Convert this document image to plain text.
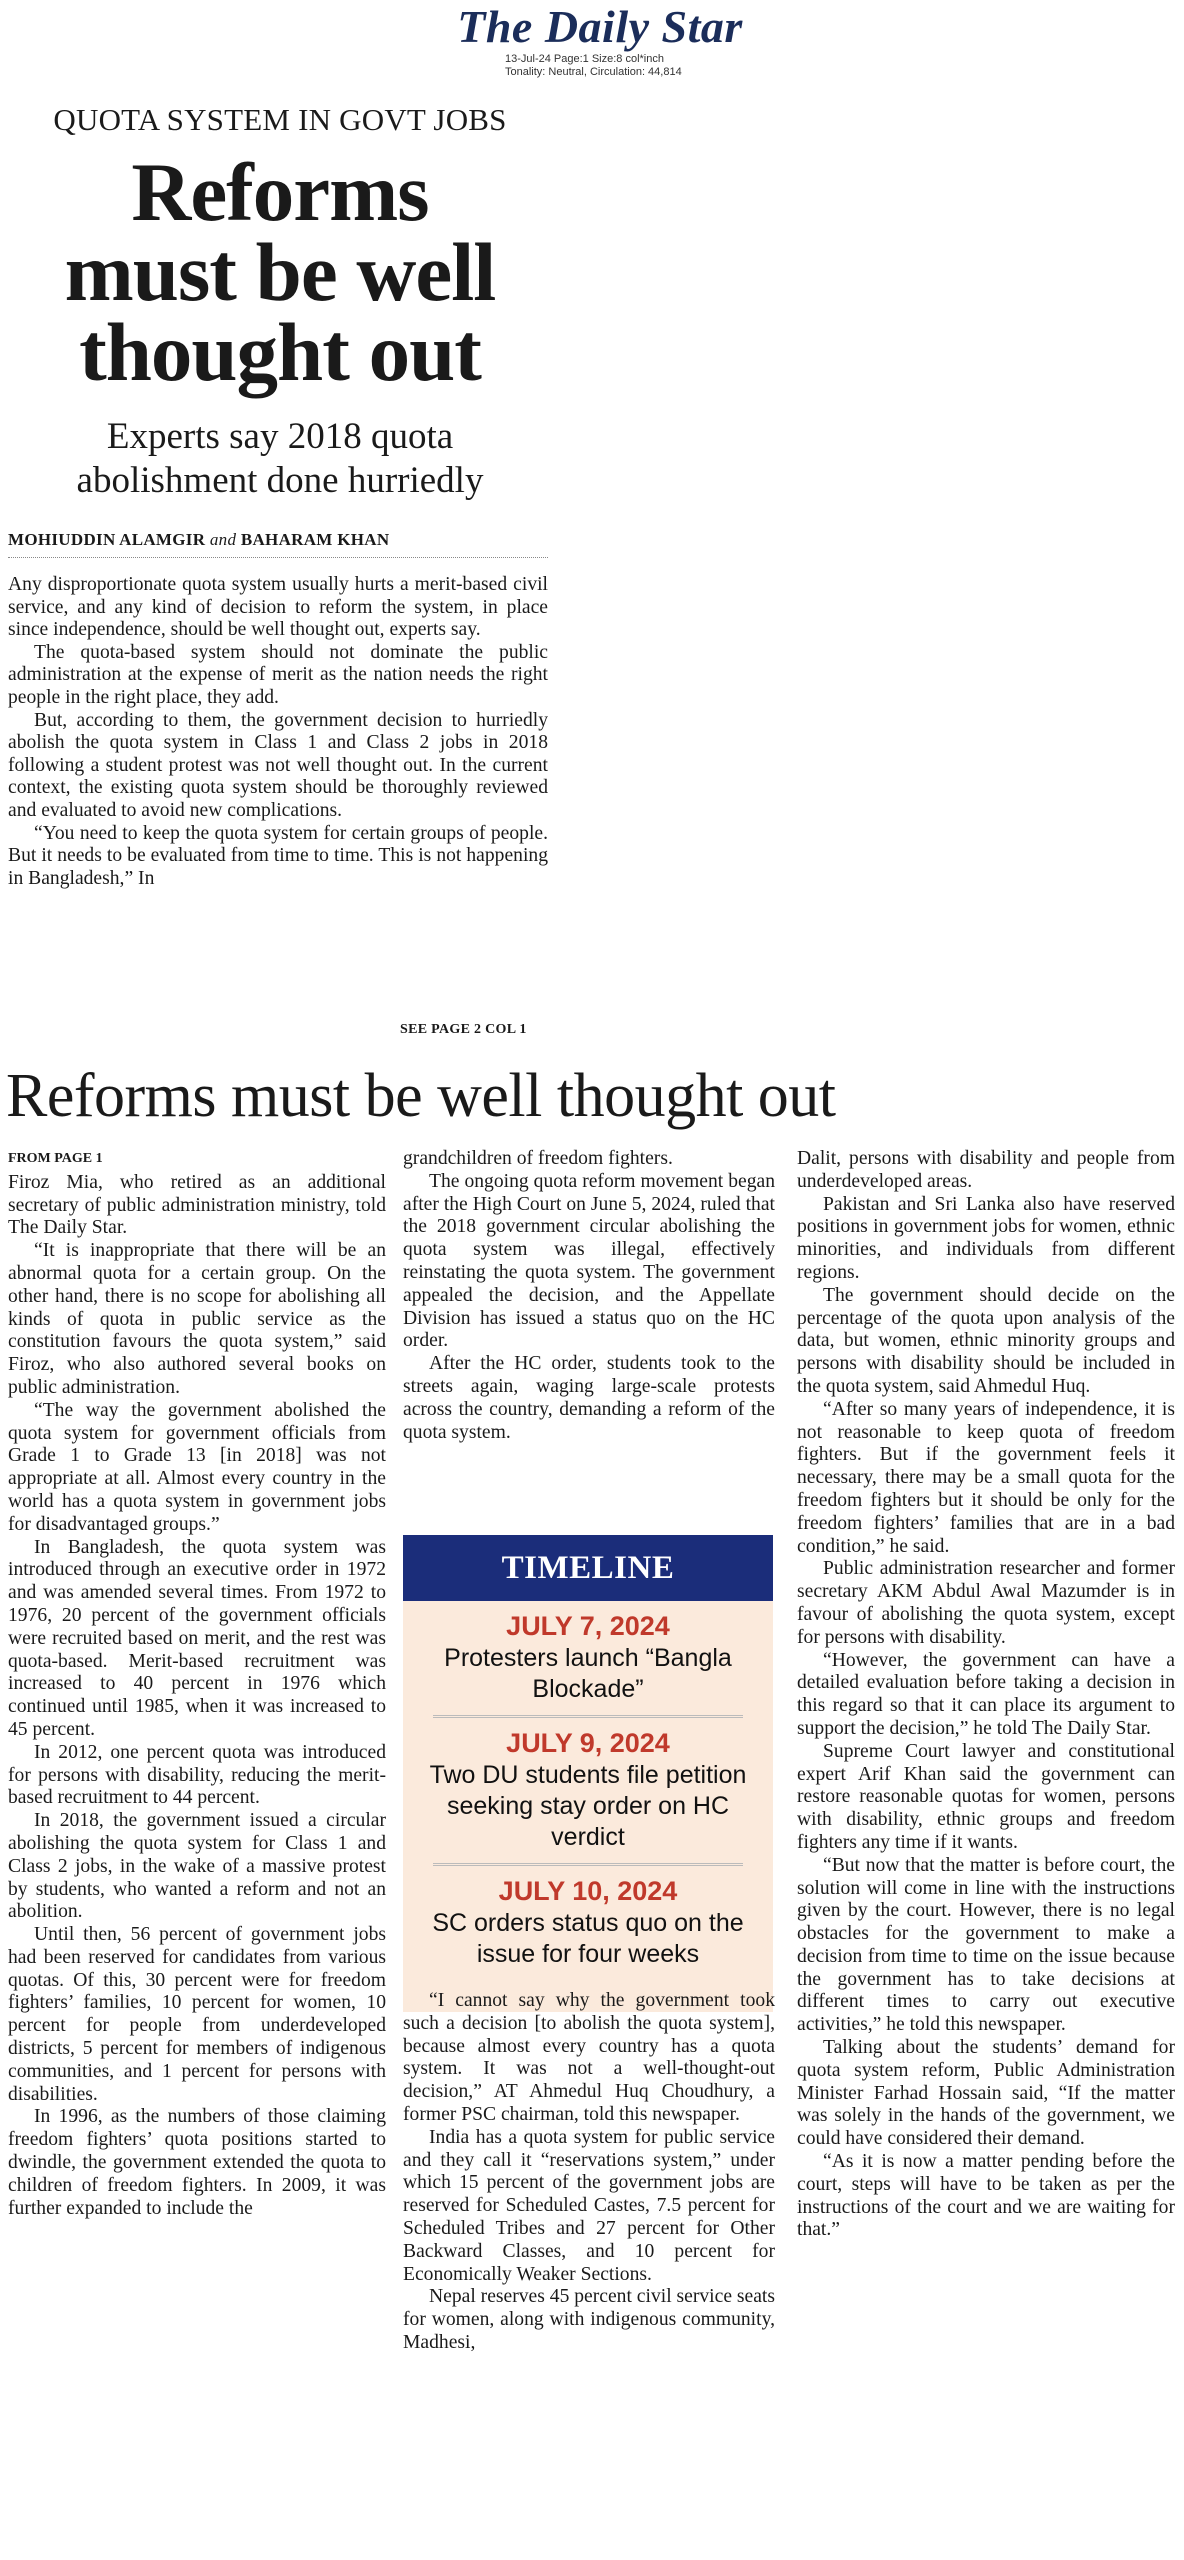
The Daily Star
13-Jul-24 Page:1 Size:8 col*inch
Tonality: Neutral, Circulation: 44,814
QUOTA SYSTEM IN GOVT JOBS
Reforms
must be well
thought out
Experts say 2018 quota
abolishment done hurriedly
MOHIUDDIN ALAMGIR and BAHARAM KHAN

Any disproportionate quota system usually hurts a merit-based civil service, and any kind of decision to reform the system, in place since independence, should be well thought out, experts say.

The quota-based system should not dominate the public administration at the expense of merit as the nation needs the right people in the right place, they add.

But, according to them, the government decision to hurriedly abolish the quota system in Class 1 and Class 2 jobs in 2018 following a student protest was not well thought out. In the current context, the existing quota system should be thoroughly reviewed and evaluated to avoid new complications.

“You need to keep the quota system for certain groups of people. But it needs to be evaluated from time to time. This is not happening in Bangladesh,” In

SEE PAGE 2 COL 1
Reforms must be well thought out
FROM PAGE 1

Firoz Mia, who retired as an additional secretary of public administration ministry, told The Daily Star.

“It is inappropriate that there will be an abnormal quota for a certain group. On the other hand, there is no scope for abolishing all kinds of quota in public service as the constitution favours the quota system,” said Firoz, who also authored several books on public administration.

“The way the government abolished the quota system for government officials from Grade 1 to Grade 13 [in 2018] was not appropriate at all. Almost every country in the world has a quota system in government jobs for disadvantaged groups.”

In Bangladesh, the quota system was introduced through an executive order in 1972 and was amended several times. From 1972 to 1976, 20 percent of the government officials were recruited based on merit, and the rest was quota-based. Merit-based recruitment was increased to 40 percent in 1976 which continued until 1985, when it was increased to 45 percent.

In 2012, one percent quota was introduced for persons with disability, reducing the merit-based recruitment to 44 percent.

In 2018, the government issued a circular abolishing the quota system for Class 1 and Class 2 jobs, in the wake of a massive protest by students, who wanted a reform and not an abolition.

Until then, 56 percent of government jobs had been reserved for candidates from various quotas. Of this, 30 percent were for freedom fighters’ families, 10 percent for women, 10 percent for people from underdeveloped districts, 5 percent for members of indigenous communities, and 1 percent for persons with disabilities.

In 1996, as the numbers of those claiming freedom fighters’ quota positions started to dwindle, the government extended the quota to children of freedom fighters. In 2009, it was further expanded to include the

grandchildren of freedom fighters.

The ongoing quota reform movement began after the High Court on June 5, 2024, ruled that the 2018 government circular abolishing the quota system was illegal, effectively reinstating the quota system. The government appealed the decision, and the Appellate Division has issued a status quo on the HC order.

After the HC order, students took to the streets again, waging large-scale protests across the country, demanding a reform of the quota system.

TIMELINE
JULY 7, 2024
Protesters launch “Bangla Blockade”
JULY 9, 2024
Two DU students file petition seeking stay order on HC verdict
JULY 10, 2024
SC orders status quo on the issue for four weeks

“I cannot say why the government took such a decision [to abolish the quota system], because almost every country has a quota system. It was not a well-thought-out decision,” AT Ahmedul Huq Choudhury, a former PSC chairman, told this newspaper.

India has a quota system for public service and they call it “reservations system,” under which 15 percent of the government jobs are reserved for Scheduled Castes, 7.5 percent for Scheduled Tribes and 27 percent for Other Backward Classes, and 10 percent for Economically Weaker Sections.

Nepal reserves 45 percent civil service seats for women, along with indigenous community, Madhesi,

Dalit, persons with disability and people from underdeveloped areas.

Pakistan and Sri Lanka also have reserved positions in government jobs for women, ethnic minorities, and individuals from different regions.

The government should decide on the percentage of the quota upon analysis of the data, but women, ethnic minority groups and persons with disability should be included in the quota system, said Ahmedul Huq.

“After so many years of independence, it is not reasonable to keep quota of freedom fighters. But if the government feels it necessary, there may be a small quota for the freedom fighters but it should be only for the freedom fighters’ families that are in a bad condition,” he said.

Public administration researcher and former secretary AKM Abdul Awal Mazumder is in favour of abolishing the quota system, except for persons with disability.

“However, the government can have a detailed evaluation before taking a decision in this regard so that it can place its argument to support the decision,” he told The Daily Star.

Supreme Court lawyer and constitutional expert Arif Khan said the government can restore reasonable quotas for women, persons with disability, ethnic groups and freedom fighters any time if it wants.

“But now that the matter is before court, the solution will come in line with the instructions given by the court. However, there is no legal obstacles for the government to make a decision from time to time on the issue because the government has to take decisions at different times to carry out executive activities,” he told this newspaper.

Talking about the students’ demand for quota system reform, Public Administration Minister Farhad Hossain said, “If the matter was solely in the hands of the government, we could have considered their demand.

“As it is now a matter pending before the court, steps will have to be taken as per the instructions of the court and we are waiting for that.”
